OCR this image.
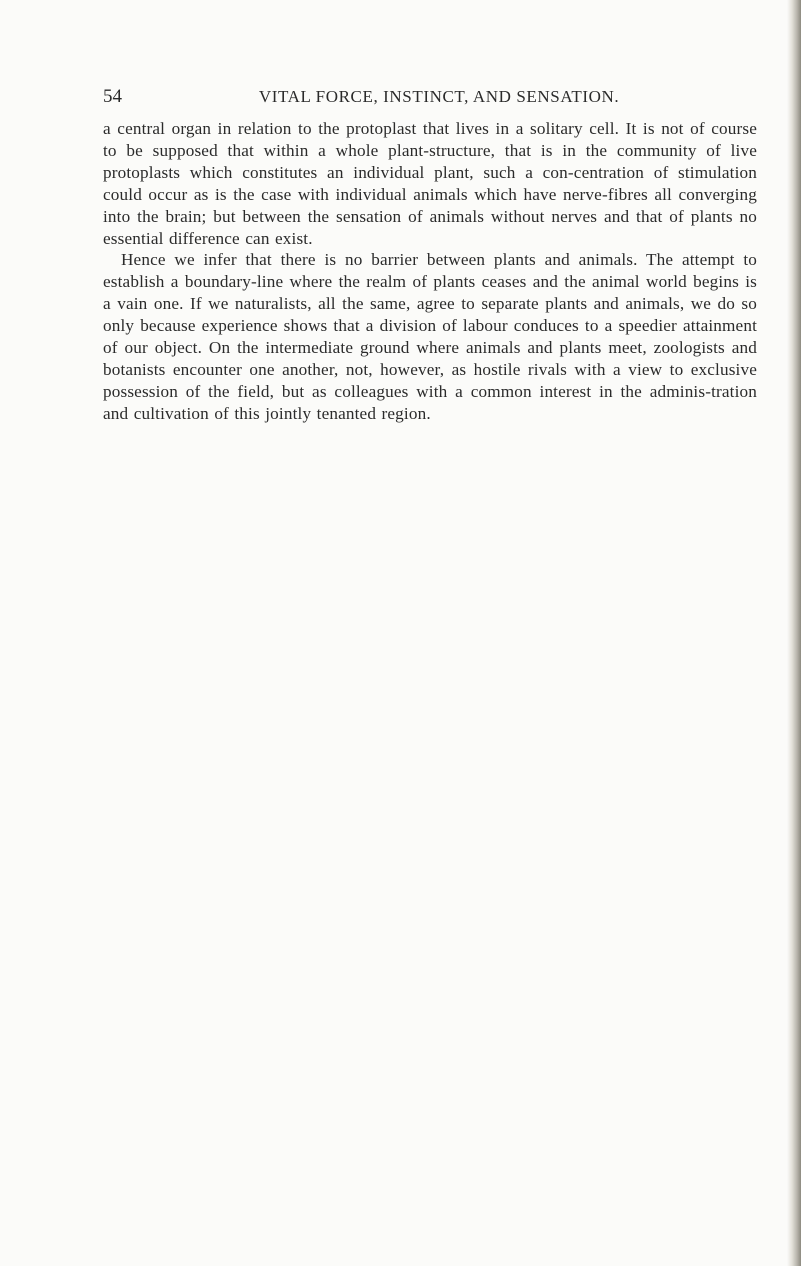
54	VITAL FORCE, INSTINCT, AND SENSATION.

a central organ in relation to the protoplast that lives in a solitary cell. It is not of course to be supposed that within a whole plant-structure, that is in the community of live protoplasts which constitutes an individual plant, such a con-centration of stimulation could occur as is the case with individual animals which have nerve-fibres all converging into the brain; but between the sensation of animals without nerves and that of plants no essential difference can exist.

Hence we infer that there is no barrier between plants and animals. The attempt to establish a boundary-line where the realm of plants ceases and the animal world begins is a vain one. If we naturalists, all the same, agree to separate plants and animals, we do so only because experience shows that a division of labour conduces to a speedier attainment of our object. On the intermediate ground where animals and plants meet, zoologists and botanists encounter one another, not, however, as hostile rivals with a view to exclusive possession of the field, but as colleagues with a common interest in the adminis-tration and cultivation of this jointly tenanted region.
